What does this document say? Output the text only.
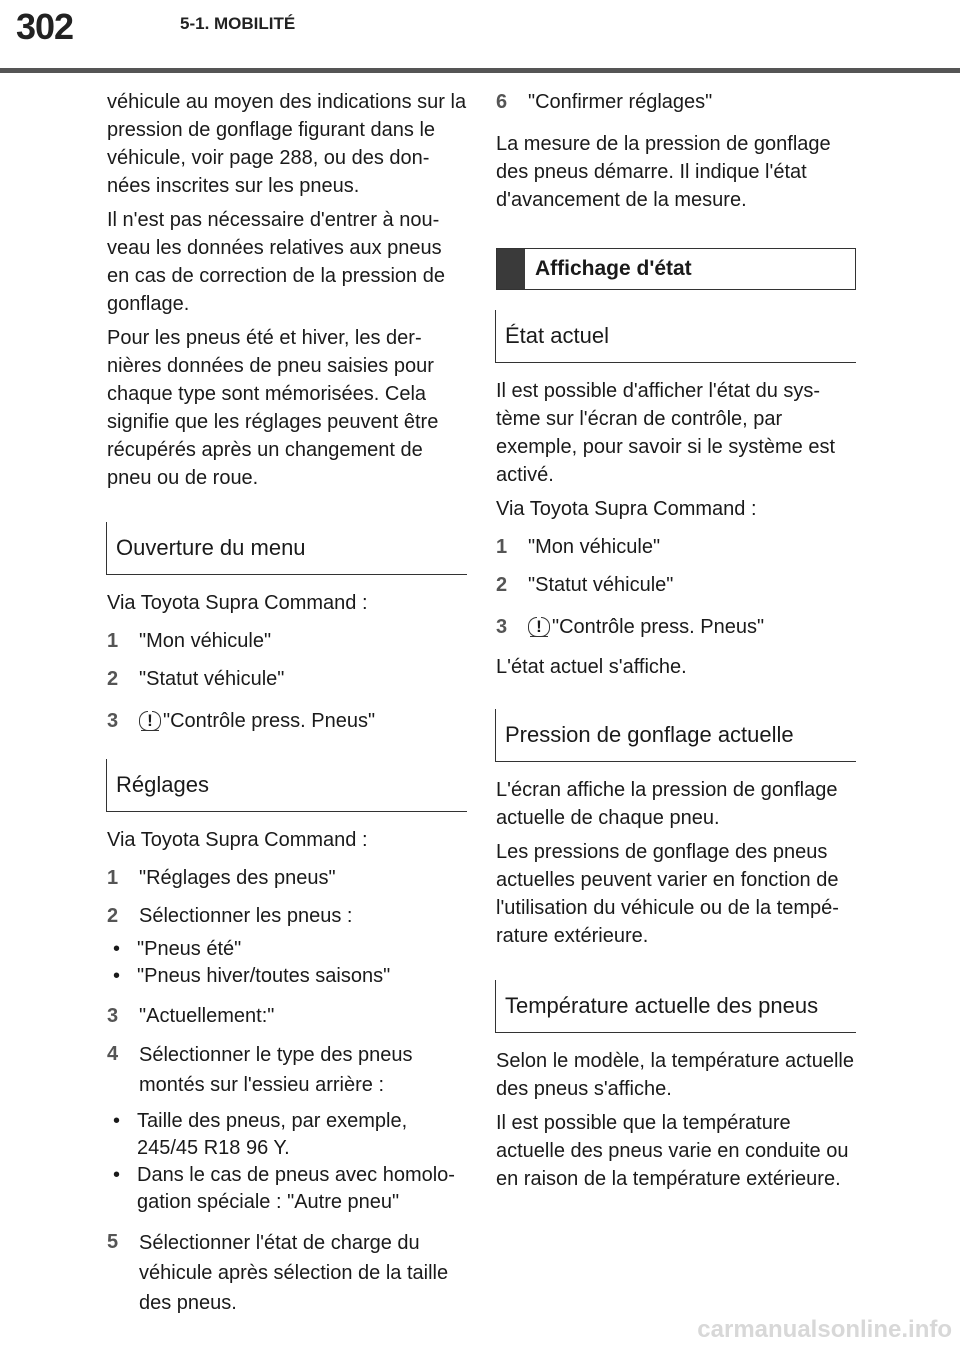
302	5-1. MOBILITÉ

véhicule au moyen des indications sur la pression de gonflage figurant dans le véhicule, voir page 288, ou des don-nées inscrites sur les pneus.

Il n'est pas nécessaire d'entrer à nou-veau les données relatives aux pneus en cas de correction de la pression de gonflage.

Pour les pneus été et hiver, les der-nières données de pneu saisies pour chaque type sont mémorisées. Cela signifie que les réglages peuvent être récupérés après un changement de pneu ou de roue.

Ouverture du menu

Via Toyota Supra Command :

1	"Mon véhicule"
2	"Statut véhicule"
3	! "Contrôle press. Pneus"
Réglages

Via Toyota Supra Command :

1	"Réglages des pneus"
2	Sélectionner les pneus :
• "Pneus été"
• "Pneus hiver/toutes saisons"
3	"Actuellement:"
4	Sélectionner le type des pneus montés sur l'essieu arrière :
• Taille des pneus, par exemple, 245/45 R18 96 Y.
• Dans le cas de pneus avec homolo-gation spéciale : "Autre pneu"
5	Sélectionner l'état de charge du véhicule après sélection de la taille des pneus.
6	"Confirmer réglages"

La mesure de la pression de gonflage des pneus démarre. Il indique l'état d'avancement de la mesure.

Affichage d'état
État actuel

Il est possible d'afficher l'état du sys-tème sur l'écran de contrôle, par exemple, pour savoir si le système est activé.

Via Toyota Supra Command :

1	"Mon véhicule"
2	"Statut véhicule"
3	! "Contrôle press. Pneus"

L'état actuel s'affiche.

Pression de gonflage actuelle

L'écran affiche la pression de gonflage actuelle de chaque pneu.

Les pressions de gonflage des pneus actuelles peuvent varier en fonction de l'utilisation du véhicule ou de la tempé-rature extérieure.

Température actuelle des pneus

Selon le modèle, la température actuelle des pneus s'affiche.

Il est possible que la température actuelle des pneus varie en conduite ou en raison de la température extérieure.

carmanualsonline.info
